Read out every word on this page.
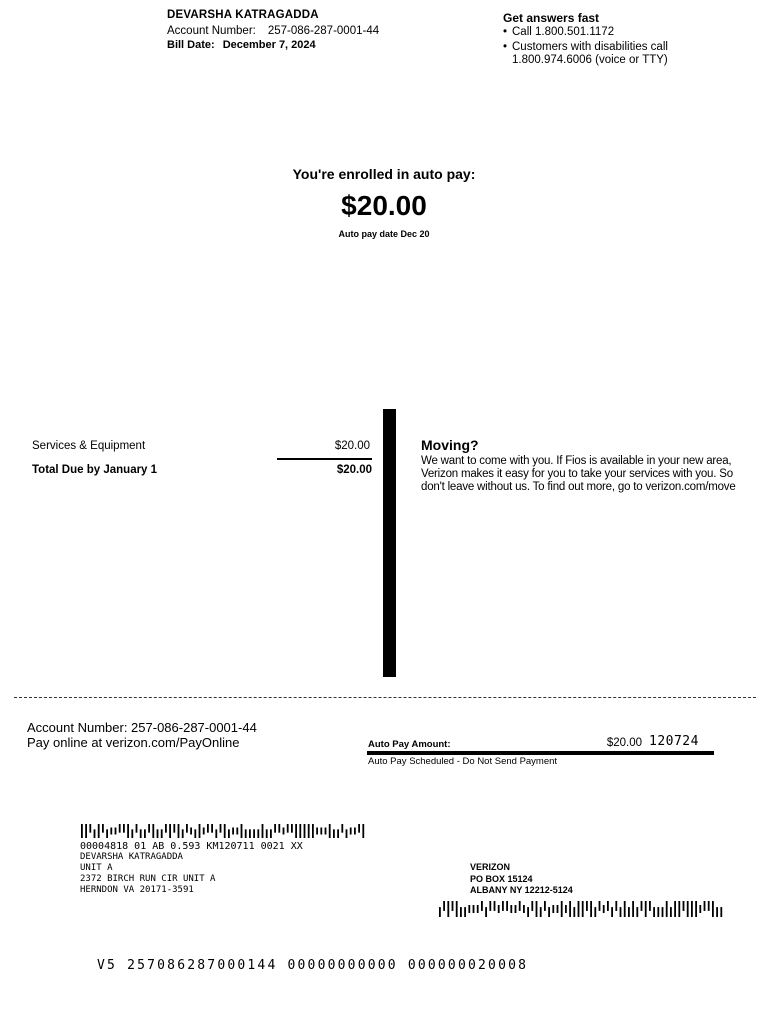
DEVARSHA KATRAGADDA
Account Number: 257-086-287-0001-44
Bill Date: December 7, 2024
Get answers fast
• Call 1.800.501.1172
• Customers with disabilities call 1.800.974.6006 (voice or TTY)
You're enrolled in auto pay:
$20.00
Auto pay date Dec 20
Services & Equipment	$20.00
Total Due by January 1	$20.00
Moving?
We want to come with you. If Fios is available in your new area, Verizon makes it easy for you to take your services with you. So don't leave without us. To find out more, go to verizon.com/move
Account Number: 257-086-287-0001-44
Pay online at verizon.com/PayOnline	Auto Pay Amount:	$20.00 120724
Auto Pay Scheduled - Do Not Send Payment
00004818 01 AB 0.593 KM120711 0021 XX
DEVARSHA KATRAGADDA
UNIT A
2372 BIRCH RUN CIR UNIT A
HERNDON VA 20171-3591
VERIZON
PO BOX 15124
ALBANY NY 12212-5124
V5 257086287000144 00000000000 000000020008
